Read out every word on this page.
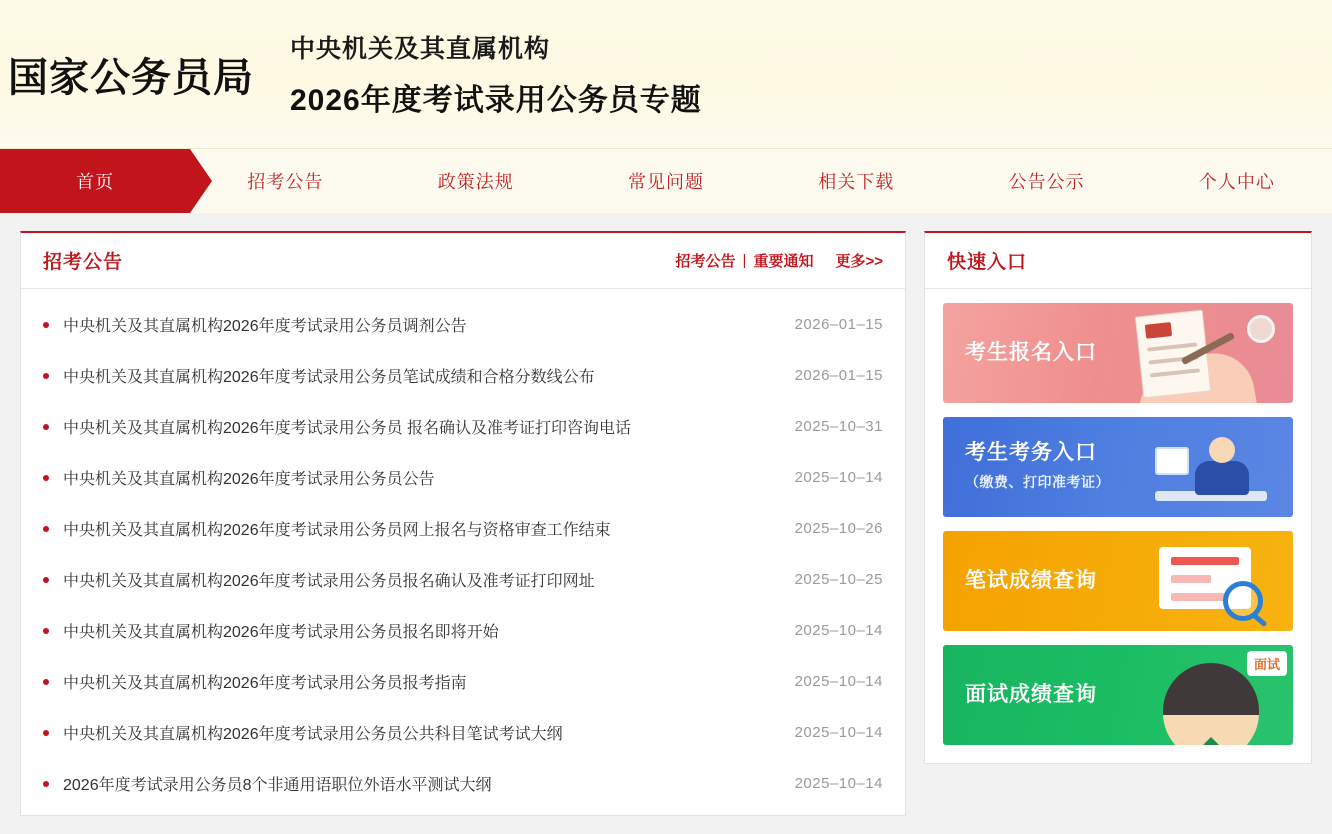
国家公务员局
中央机关及其直属机构
2026年度考试录用公务员专题
首页	招考公告	政策法规	常见问题	相关下载	公告公示	个人中心
招考公告	招考公告 | 重要通知 更多>>
中央机关及其直属机构2026年度考试录用公务员调剂公告	2026–01–15
中央机关及其直属机构2026年度考试录用公务员笔试成绩和合格分数线公布	2026–01–15
中央机关及其直属机构2026年度考试录用公务员 报名确认及准考证打印咨询电话	2025–10–31
中央机关及其直属机构2026年度考试录用公务员公告	2025–10–14
中央机关及其直属机构2026年度考试录用公务员网上报名与资格审查工作结束	2025–10–26
中央机关及其直属机构2026年度考试录用公务员报名确认及准考证打印网址	2025–10–25
中央机关及其直属机构2026年度考试录用公务员报名即将开始	2025–10–14
中央机关及其直属机构2026年度考试录用公务员报考指南	2025–10–14
中央机关及其直属机构2026年度考试录用公务员公共科目笔试考试大纲	2025–10–14
2026年度考试录用公务员8个非通用语职位外语水平测试大纲	2025–10–14
快速入口
考生报名入口
考生考务入口
（缴费、打印准考证）
笔试成绩查询
面试
面试成绩查询
